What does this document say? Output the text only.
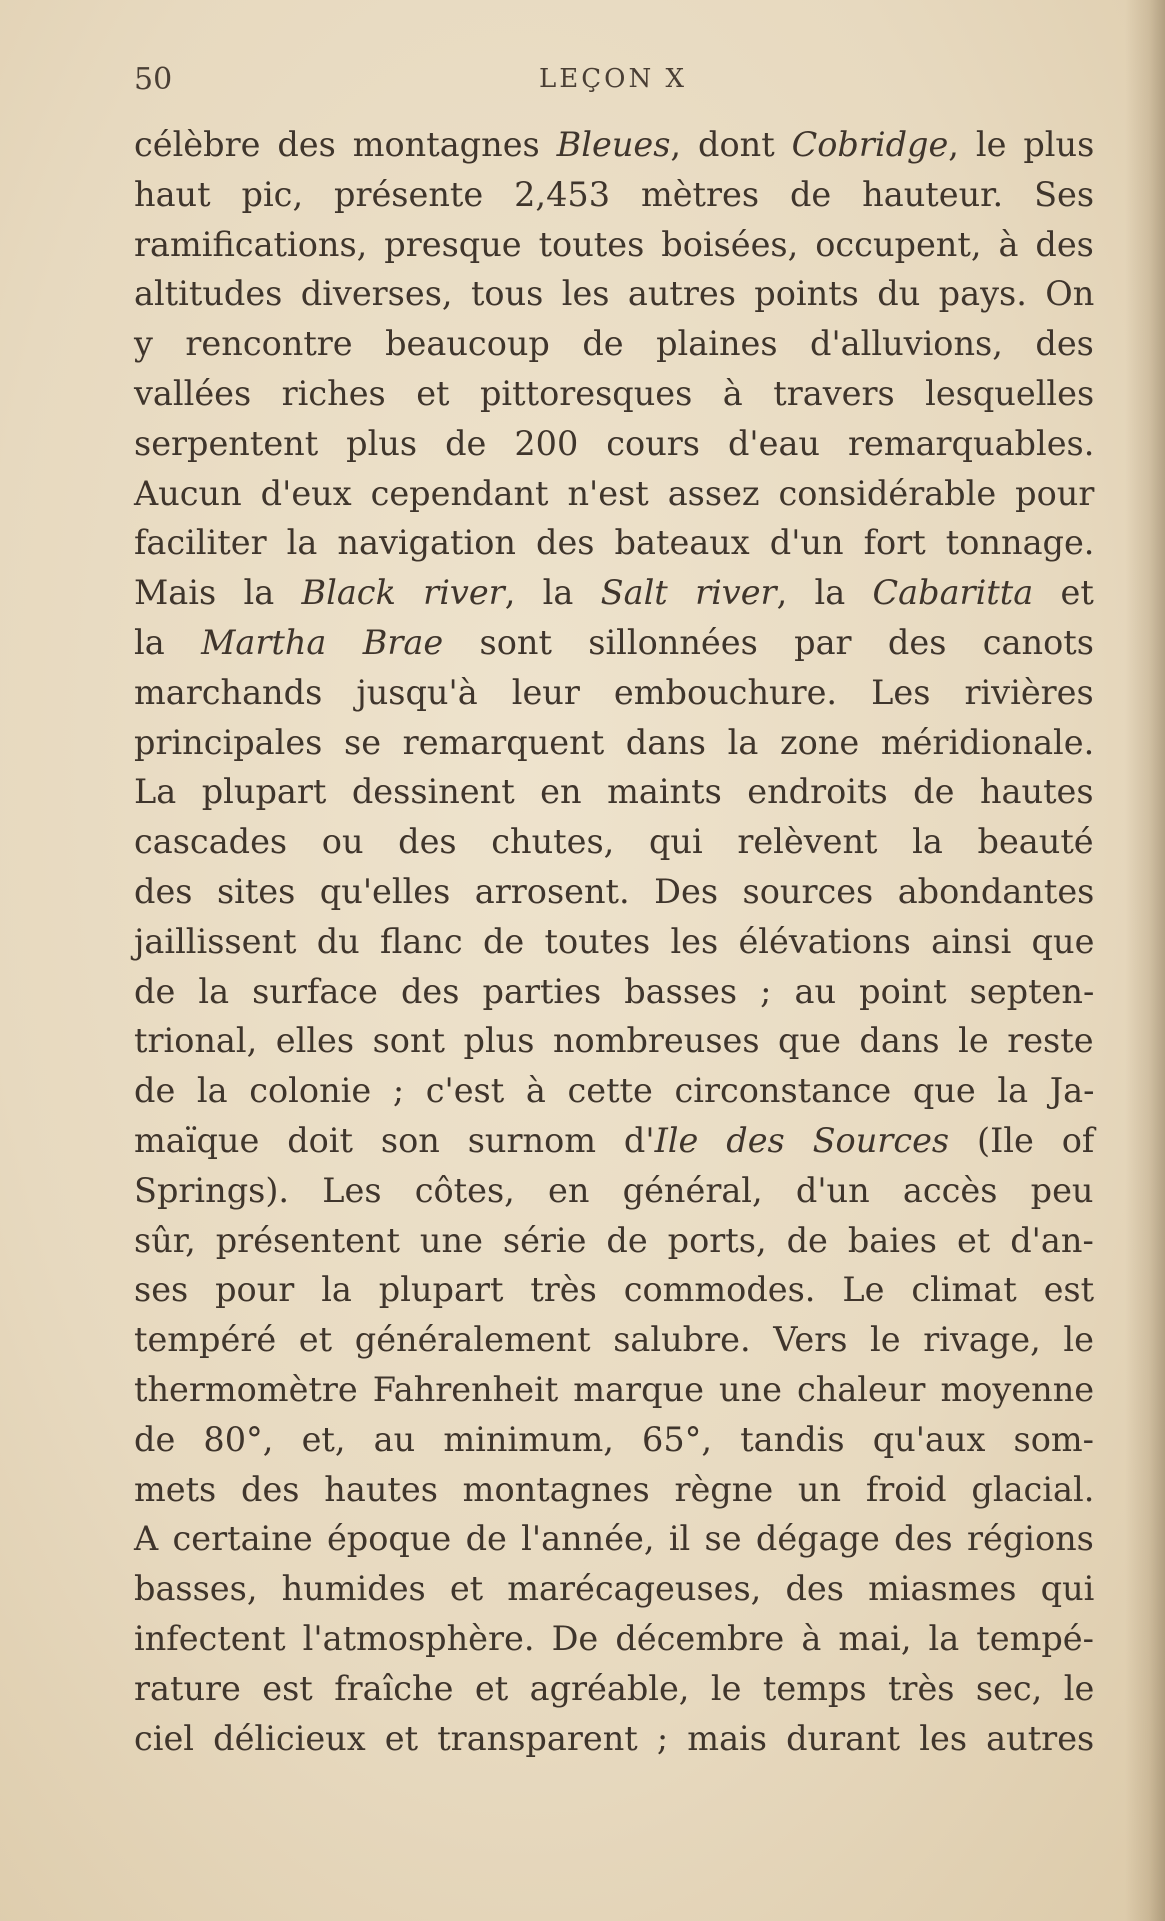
50	LEÇON X
célèbre des montagnes Bleues, dont Cobridge, le plus
haut pic, présente 2,453 mètres de hauteur. Ses
ramifications, presque toutes boisées, occupent, à des
altitudes diverses, tous les autres points du pays. On
y rencontre beaucoup de plaines d'alluvions, des
vallées riches et pittoresques à travers lesquelles
serpentent plus de 200 cours d'eau remarquables.
Aucun d'eux cependant n'est assez considérable pour
faciliter la navigation des bateaux d'un fort tonnage.
Mais la Black river, la Salt river, la Cabaritta et
la Martha Brae sont sillonnées par des canots
marchands jusqu'à leur embouchure. Les rivières
principales se remarquent dans la zone méridionale.
La plupart dessinent en maints endroits de hautes
cascades ou des chutes, qui relèvent la beauté
des sites qu'elles arrosent. Des sources abondantes
jaillissent du flanc de toutes les élévations ainsi que
de la surface des parties basses ; au point septen-
trional, elles sont plus nombreuses que dans le reste
de la colonie ; c'est à cette circonstance que la Ja-
maïque doit son surnom d'Ile des Sources (Ile of
Springs). Les côtes, en général, d'un accès peu
sûr, présentent une série de ports, de baies et d'an-
ses pour la plupart très commodes. Le climat est
tempéré et généralement salubre. Vers le rivage, le
thermomètre Fahrenheit marque une chaleur moyenne
de 80°, et, au minimum, 65°, tandis qu'aux som-
mets des hautes montagnes règne un froid glacial.
A certaine époque de l'année, il se dégage des régions
basses, humides et marécageuses, des miasmes qui
infectent l'atmosphère. De décembre à mai, la tempé-
rature est fraîche et agréable, le temps très sec, le
ciel délicieux et transparent ; mais durant les autres
